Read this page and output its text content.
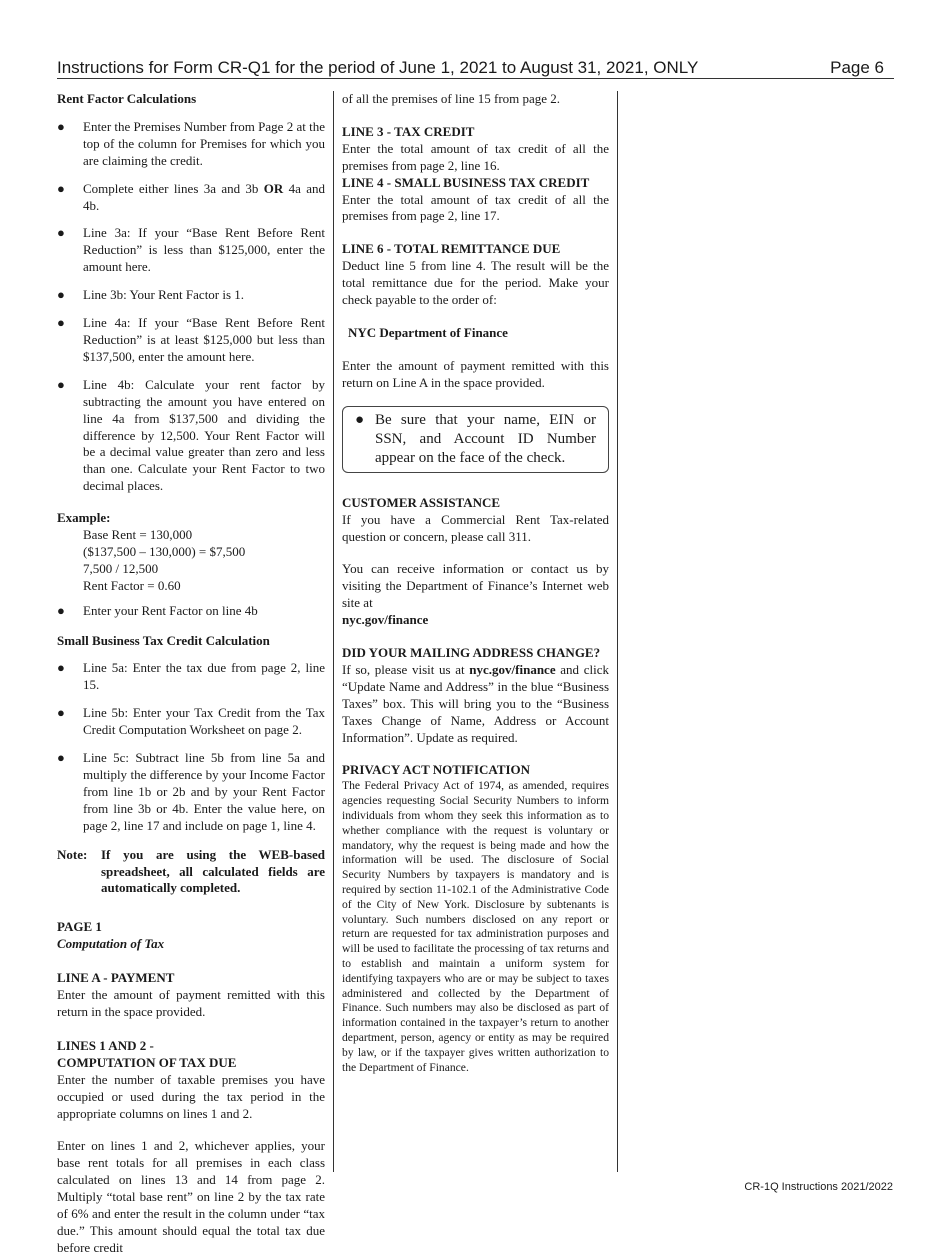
Instructions for Form CR-Q1 for the period of June 1, 2021 to August 31, 2021, ONLY	Page 6

Rent Factor Calculations

● Enter the Premises Number from Page 2 at the top of the column for Premises for which you are claiming the credit.
● Complete either lines 3a and 3b OR 4a and 4b.
● Line 3a: If your “Base Rent Before Rent Reduction” is less than $125,000, enter the amount here.
● Line 3b: Your Rent Factor is 1.
● Line 4a: If your “Base Rent Before Rent Reduction” is at least $125,000 but less than $137,500, enter the amount here.
● Line 4b: Calculate your rent factor by subtracting the amount you have entered on line 4a from $137,500 and dividing the difference by 12,500. Your Rent Factor will be a decimal value greater than zero and less than one. Calculate your Rent Factor to two decimal places.

Example:

Base Rent = 130,000

($137,500 – 130,000) = $7,500

7,500 / 12,500

Rent Factor = 0.60

● Enter your Rent Factor on line 4b

Small Business Tax Credit Calculation

● Line 5a: Enter the tax due from page 2, line 15.
● Line 5b: Enter your Tax Credit from the Tax Credit Computation Worksheet on page 2.
● Line 5c: Subtract line 5b from line 5a and multiply the difference by your Income Factor from line 1b or 2b and by your Rent Factor from line 3b or 4b. Enter the value here, on page 2, line 17 and include on page 1, line 4.
Note: If you are using the WEB-based spreadsheet, all calculated fields are automatically completed.

PAGE 1

Computation of Tax

LINE A - PAYMENT

Enter the amount of payment remitted with this return in the space provided.

LINES 1 AND 2 -

COMPUTATION OF TAX DUE

Enter the number of taxable premises you have occupied or used during the tax period in the appropriate columns on lines 1 and 2.

Enter on lines 1 and 2, whichever applies, your base rent totals for all premises in each class calculated on lines 13 and 14 from page 2. Multiply “total base rent” on line 2 by the tax rate of 6% and enter the result in the column under “tax due.” This amount should equal the total tax due before credit

of all the premises of line 15 from page 2.

LINE 3 - TAX CREDIT

Enter the total amount of tax credit of all the premises from page 2, line 16.

LINE 4 - SMALL BUSINESS TAX CREDIT

Enter the total amount of tax credit of all the premises from page 2, line 17.

LINE 6 - TOTAL REMITTANCE DUE

Deduct line 5 from line 4. The result will be the total remittance due for the period. Make your check payable to the order of:

NYC Department of Finance

Enter the amount of payment remitted with this return on Line A in the space provided.

● Be sure that your name, EIN or SSN, and Account ID Number appear on the face of the check.

CUSTOMER ASSISTANCE

If you have a Commercial Rent Tax-related question or concern, please call 311.

You can receive information or contact us by visiting the Department of Finance’s Internet web site at

nyc.gov/finance

DID YOUR MAILING ADDRESS CHANGE?

If so, please visit us at nyc.gov/finance and click “Update Name and Address” in the blue “Business Taxes” box. This will bring you to the “Business Taxes Change of Name, Address or Account Information”. Update as required.

PRIVACY ACT NOTIFICATION

The Federal Privacy Act of 1974, as amended, requires agencies requesting Social Security Numbers to inform individuals from whom they seek this information as to whether compliance with the request is voluntary or mandatory, why the request is being made and how the information will be used. The disclosure of Social Security Numbers by taxpayers is mandatory and is required by section 11-102.1 of the Administrative Code of the City of New York. Disclosure by subtenants is voluntary. Such numbers disclosed on any report or return are requested for tax administration purposes and will be used to facilitate the processing of tax returns and to establish and maintain a uniform system for identifying taxpayers who are or may be subject to taxes administered and collected by the Department of Finance. Such numbers may also be disclosed as part of information contained in the taxpayer’s return to another department, person, agency or entity as may be required by law, or if the taxpayer gives written authorization to the Department of Finance.

CR-1Q Instructions 2021/2022
